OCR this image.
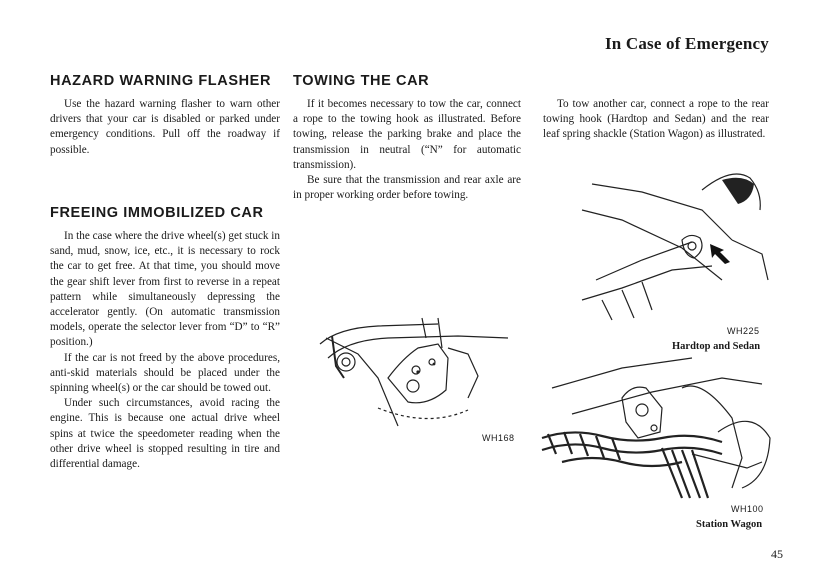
In Case of Emergency
HAZARD WARNING FLASHER

Use the hazard warning flasher to warn other drivers that your car is disabled or parked under emergency conditions. Pull off the roadway if possible.

FREEING IMMOBILIZED CAR

In the case where the drive wheel(s) get stuck in sand, mud, snow, ice, etc., it is necessary to rock the car to get free. At that time, you should move the gear shift lever from first to reverse in a repeat pattern while simultaneously depressing the accelerator gently. (On automatic transmission models, operate the selector lever from “D” to “R” position.)

If the car is not freed by the above procedures, anti-skid materials should be placed under the spinning wheel(s) or the car should be towed out.

Under such circumstances, avoid racing the engine. This is because one actual drive wheel spins at twice the speedometer reading when the other drive wheel is stopped resulting in tire and differential damage.

TOWING THE CAR

If it becomes necessary to tow the car, connect a rope to the towing hook as illustrated. Before towing, release the parking brake and place the transmission in neutral (“N” for automatic transmission).

Be sure that the transmission and rear axle are in proper working order before towing.

To tow another car, connect a rope to the rear towing hook (Hardtop and Sedan) and the rear leaf spring shackle (Station Wagon) as illustrated.

WH168
WH225
Hardtop and Sedan
WH100
Station Wagon
45
